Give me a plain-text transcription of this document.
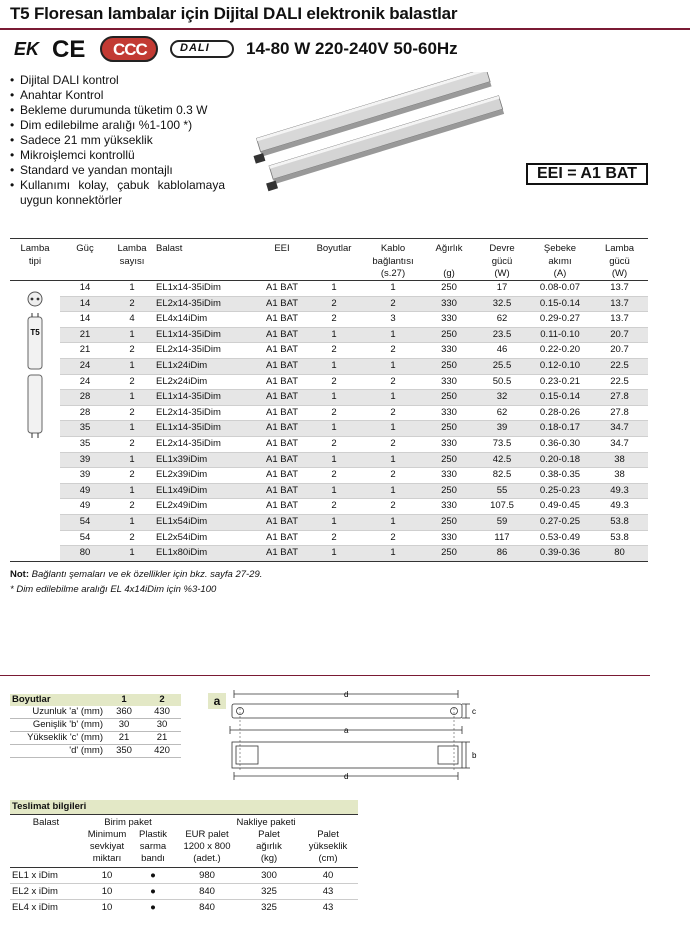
T5 Floresan lambalar için Dijital DALI elektronik balastlar
EK CE CCC	DALI 14-80 W 220-240V 50-60Hz
• Dijital DALI kontrol
• Anahtar Kontrol
• Bekleme durumunda tüketim 0.3 W
• Dim edilebilme aralığı %1-100 *)
• Sadece 21 mm yükseklik
• Mikroişlemci kontrollü
• Standard ve yandan montajlı
• Kullanımı kolay, çabuk kablolamaya uygun konnektörler
EEI = A1 BAT
Lamba
tipi	Güç	Lamba
sayısı	Balast	EEI	Boyutlar	Kablo
bağlantısı	Ağırlık	Devre
gücü	Şebeke
akımı	Lamba
gücü
						(s.27)	(g)	(W)	(A)	(W)

T5	14	1	EL1x14-35iDim	A1 BAT	1	1	250	17	0.08-0.07	13.7
	14	2	EL2x14-35iDim	A1 BAT	2	2	330	32.5	0.15-0.14	13.7
	14	4	EL4x14iDim	A1 BAT	2	3	330	62	0.29-0.27	13.7
	21	1	EL1x14-35iDim	A1 BAT	1	1	250	23.5	0.11-0.10	20.7
	21	2	EL2x14-35iDim	A1 BAT	2	2	330	46	0.22-0.20	20.7
	24	1	EL1x24iDim	A1 BAT	1	1	250	25.5	0.12-0.10	22.5
	24	2	EL2x24iDim	A1 BAT	2	2	330	50.5	0.23-0.21	22.5
	28	1	EL1x14-35iDim	A1 BAT	1	1	250	32	0.15-0.14	27.8
	28	2	EL2x14-35iDim	A1 BAT	2	2	330	62	0.28-0.26	27.8
	35	1	EL1x14-35iDim	A1 BAT	1	1	250	39	0.18-0.17	34.7
	35	2	EL2x14-35iDim	A1 BAT	2	2	330	73.5	0.36-0.30	34.7
	39	1	EL1x39iDim	A1 BAT	1	1	250	42.5	0.20-0.18	38
	39	2	EL2x39iDim	A1 BAT	2	2	330	82.5	0.38-0.35	38
	49	1	EL1x49iDim	A1 BAT	1	1	250	55	0.25-0.23	49.3
	49	2	EL2x49iDim	A1 BAT	2	2	330	107.5	0.49-0.45	49.3
	54	1	EL1x54iDim	A1 BAT	1	1	250	59	0.27-0.25	53.8
	54	2	EL2x54iDim	A1 BAT	2	2	330	117	0.53-0.49	53.8
	80	1	EL1x80iDim	A1 BAT	1	1	250	86	0.39-0.36	80
Not: Bağlantı şemaları ve ek özellikler için bkz. sayfa 27-29.
* Dim edilebilme aralığı EL 4x14iDim için %3-100
Boyutlar	1	2
Uzunluk 'a' (mm)	360	430
Genişlik 'b' (mm)	30	30
Yükseklik 'c' (mm)	21	21
'd' (mm)	350	420
a	d
c
a
b
d
Teslimat bilgileri					
Balast	Birim paket		Nakliye paketi		
	Minimum
sevkiyat
miktarı	Plastik
sarma
bandı	EUR palet
1200 x 800
(adet.)	Palet
ağırlık
(kg)	Palet
yükseklik
(cm)
EL1 x iDim	10	●	980	300	40
EL2 x iDim	10	●	840	325	43
EL4 x iDim	10	●	840	325	43
